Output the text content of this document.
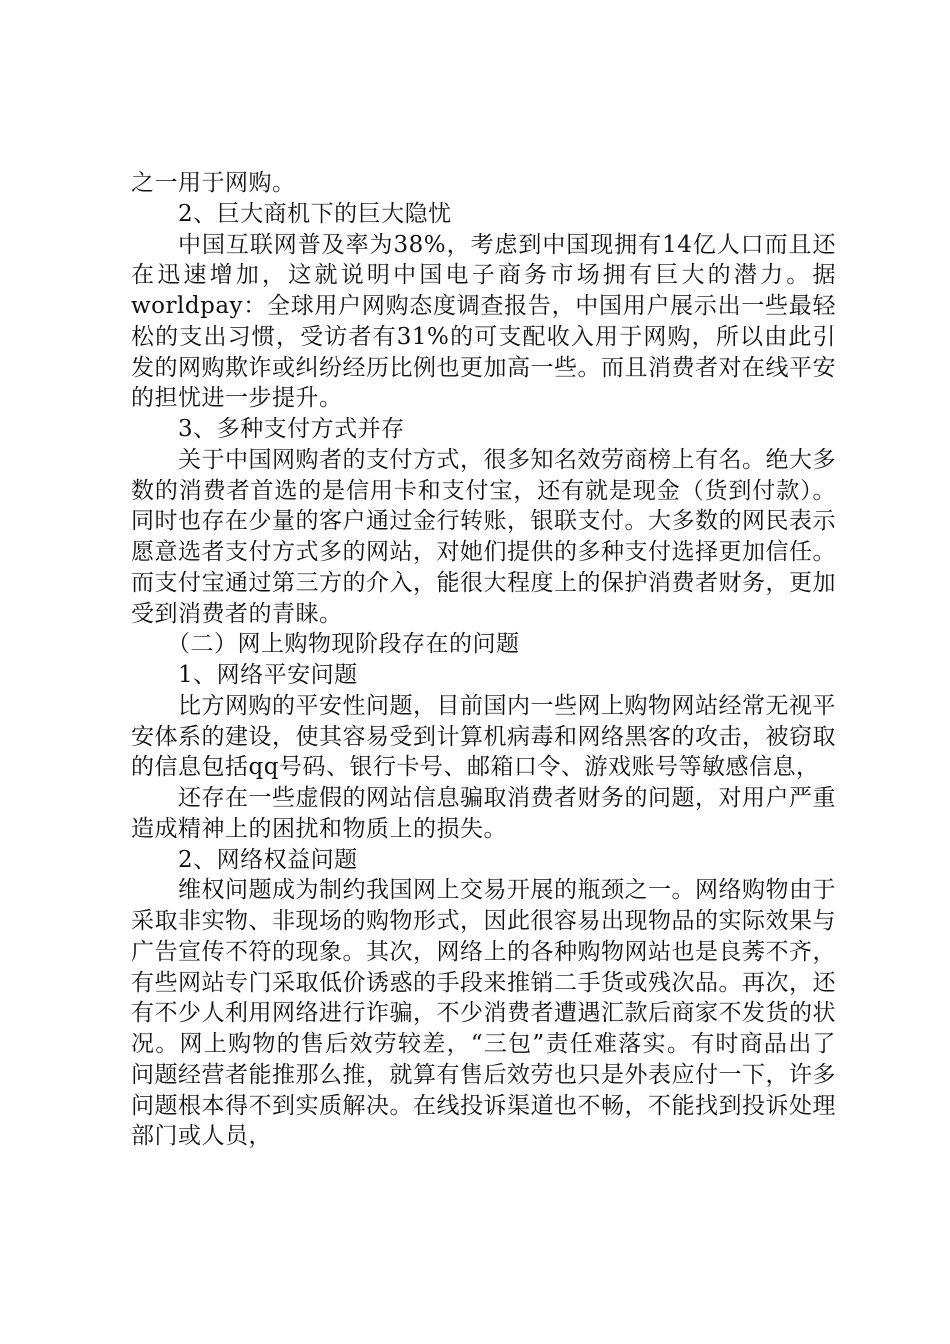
之一用于网购。

2、巨大商机下的巨大隐忧

中国互联网普及率为38%，考虑到中国现拥有14亿人口而且还在迅速增加，这就说明中国电子商务市场拥有巨大的潜力。据worldpay：全球用户网购态度调查报告，中国用户展示出一些最轻松的支出习惯，受访者有31%的可支配收入用于网购，所以由此引发的网购欺诈或纠纷经历比例也更加高一些。而且消费者对在线平安的担忧进一步提升。

3、多种支付方式并存

关于中国网购者的支付方式，很多知名效劳商榜上有名。绝大多数的消费者首选的是信用卡和支付宝，还有就是现金（货到付款）。同时也存在少量的客户通过金行转账，银联支付。大多数的网民表示愿意选者支付方式多的网站，对她们提供的多种支付选择更加信任。而支付宝通过第三方的介入，能很大程度上的保护消费者财务，更加受到消费者的青睐。

（二）网上购物现阶段存在的问题

1、网络平安问题

比方网购的平安性问题，目前国内一些网上购物网站经常无视平安体系的建设，使其容易受到计算机病毒和网络黑客的攻击，被窃取的信息包括qq号码、银行卡号、邮箱口令、游戏账号等敏感信息，

还存在一些虚假的网站信息骗取消费者财务的问题，对用户严重造成精神上的困扰和物质上的损失。

2、网络权益问题

维权问题成为制约我国网上交易开展的瓶颈之一。网络购物由于采取非实物、非现场的购物形式，因此很容易出现物品的实际效果与广告宣传不符的现象。其次，网络上的各种购物网站也是良莠不齐，有些网站专门采取低价诱惑的手段来推销二手货或残次品。再次，还有不少人利用网络进行诈骗，不少消费者遭遇汇款后商家不发货的状况。网上购物的售后效劳较差，“三包”责任难落实。有时商品出了问题经营者能推那么推，就算有售后效劳也只是外表应付一下，许多问题根本得不到实质解决。在线投诉渠道也不畅，不能找到投诉处理部门或人员，
